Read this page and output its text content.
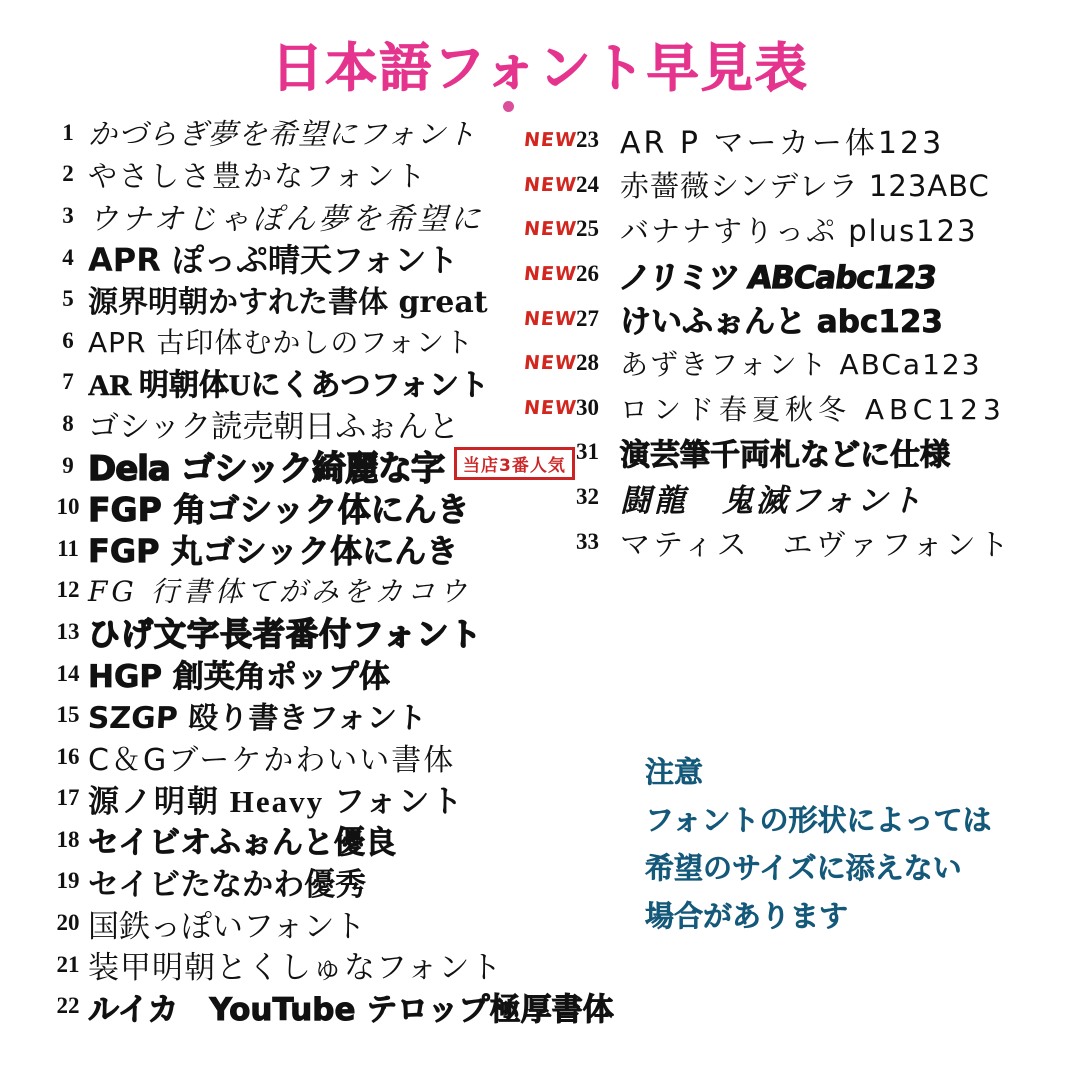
日本語フォント早見表
1 かづらぎ夢を希望にフォント
2 やさしさ豊かなフォント
3 ウナオじゃぽん夢を希望に
4 APR ぽっぷ晴天フォント
5 源界明朝かすれた書体 great
6 APR 古印体むかしのフォント
7 AR 明朝体Uにくあつフォント
8 ゴシック読売朝日ふぉんと
9 Dela ゴシック綺麗な字	当店3番人気
10 FGP 角ゴシック体にんき
11 FGP 丸ゴシック体にんき
12 FG 行書体てがみをカコウ
13 ひげ文字長者番付フォント
14 HGP 創英角ポップ体
15 SZGP 殴り書きフォント
16 C＆Gブーケかわいい書体
17 源ノ明朝 Heavy フォント
18 セイビオふぉんと優良
19 セイビたなかわ優秀
20 国鉄っぽいフォント
21 装甲明朝とくしゅなフォント
22 ルイカ　YouTube テロップ極厚書体
NEW
23 AR P マーカー体123
NEW
24 赤薔薇シンデレラ 123ABC
NEW
25 バナナすりっぷ plus123
NEW
26 ノリミツ ABCabc123
NEW
27 けいふぉんと abc123
NEW
28 あずきフォント ABCa123
NEW
30 ロンド春夏秋冬 ABC123
31 演芸筆千両札などに仕様
32 闘龍　鬼滅フォント
33 マティス　エヴァフォント
注意
フォントの形状によっては
希望のサイズに添えない
場合があります
